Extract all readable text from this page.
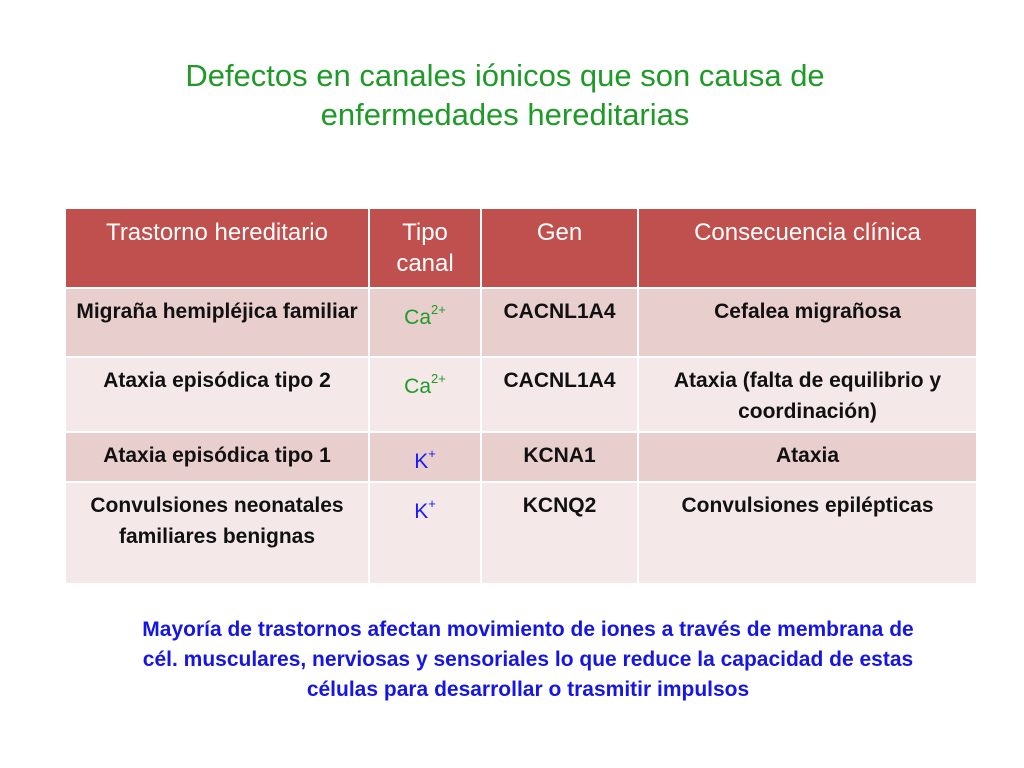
Defectos en canales iónicos que son causa de enfermedades hereditarias
Trastorno hereditario	Tipo canal	Gen	Consecuencia clínica
Migraña hemipléjica familiar	$Ca^{2+}$	CACNL1A4	Cefalea migrañosa
Ataxia episódica tipo 2	$Ca^{2+}$	CACNL1A4	Ataxia (falta de equilibrio y coordinación)
Ataxia episódica tipo 1	K+	KCNA1	Ataxia
Convulsiones neonatales familiares benignas	K+	KCNQ2	Convulsiones epilépticas
Mayoría de trastornos afectan movimiento de iones a través de membrana de cél. musculares, nerviosas y sensoriales lo que reduce la capacidad de estas células para desarrollar o trasmitir impulsos
